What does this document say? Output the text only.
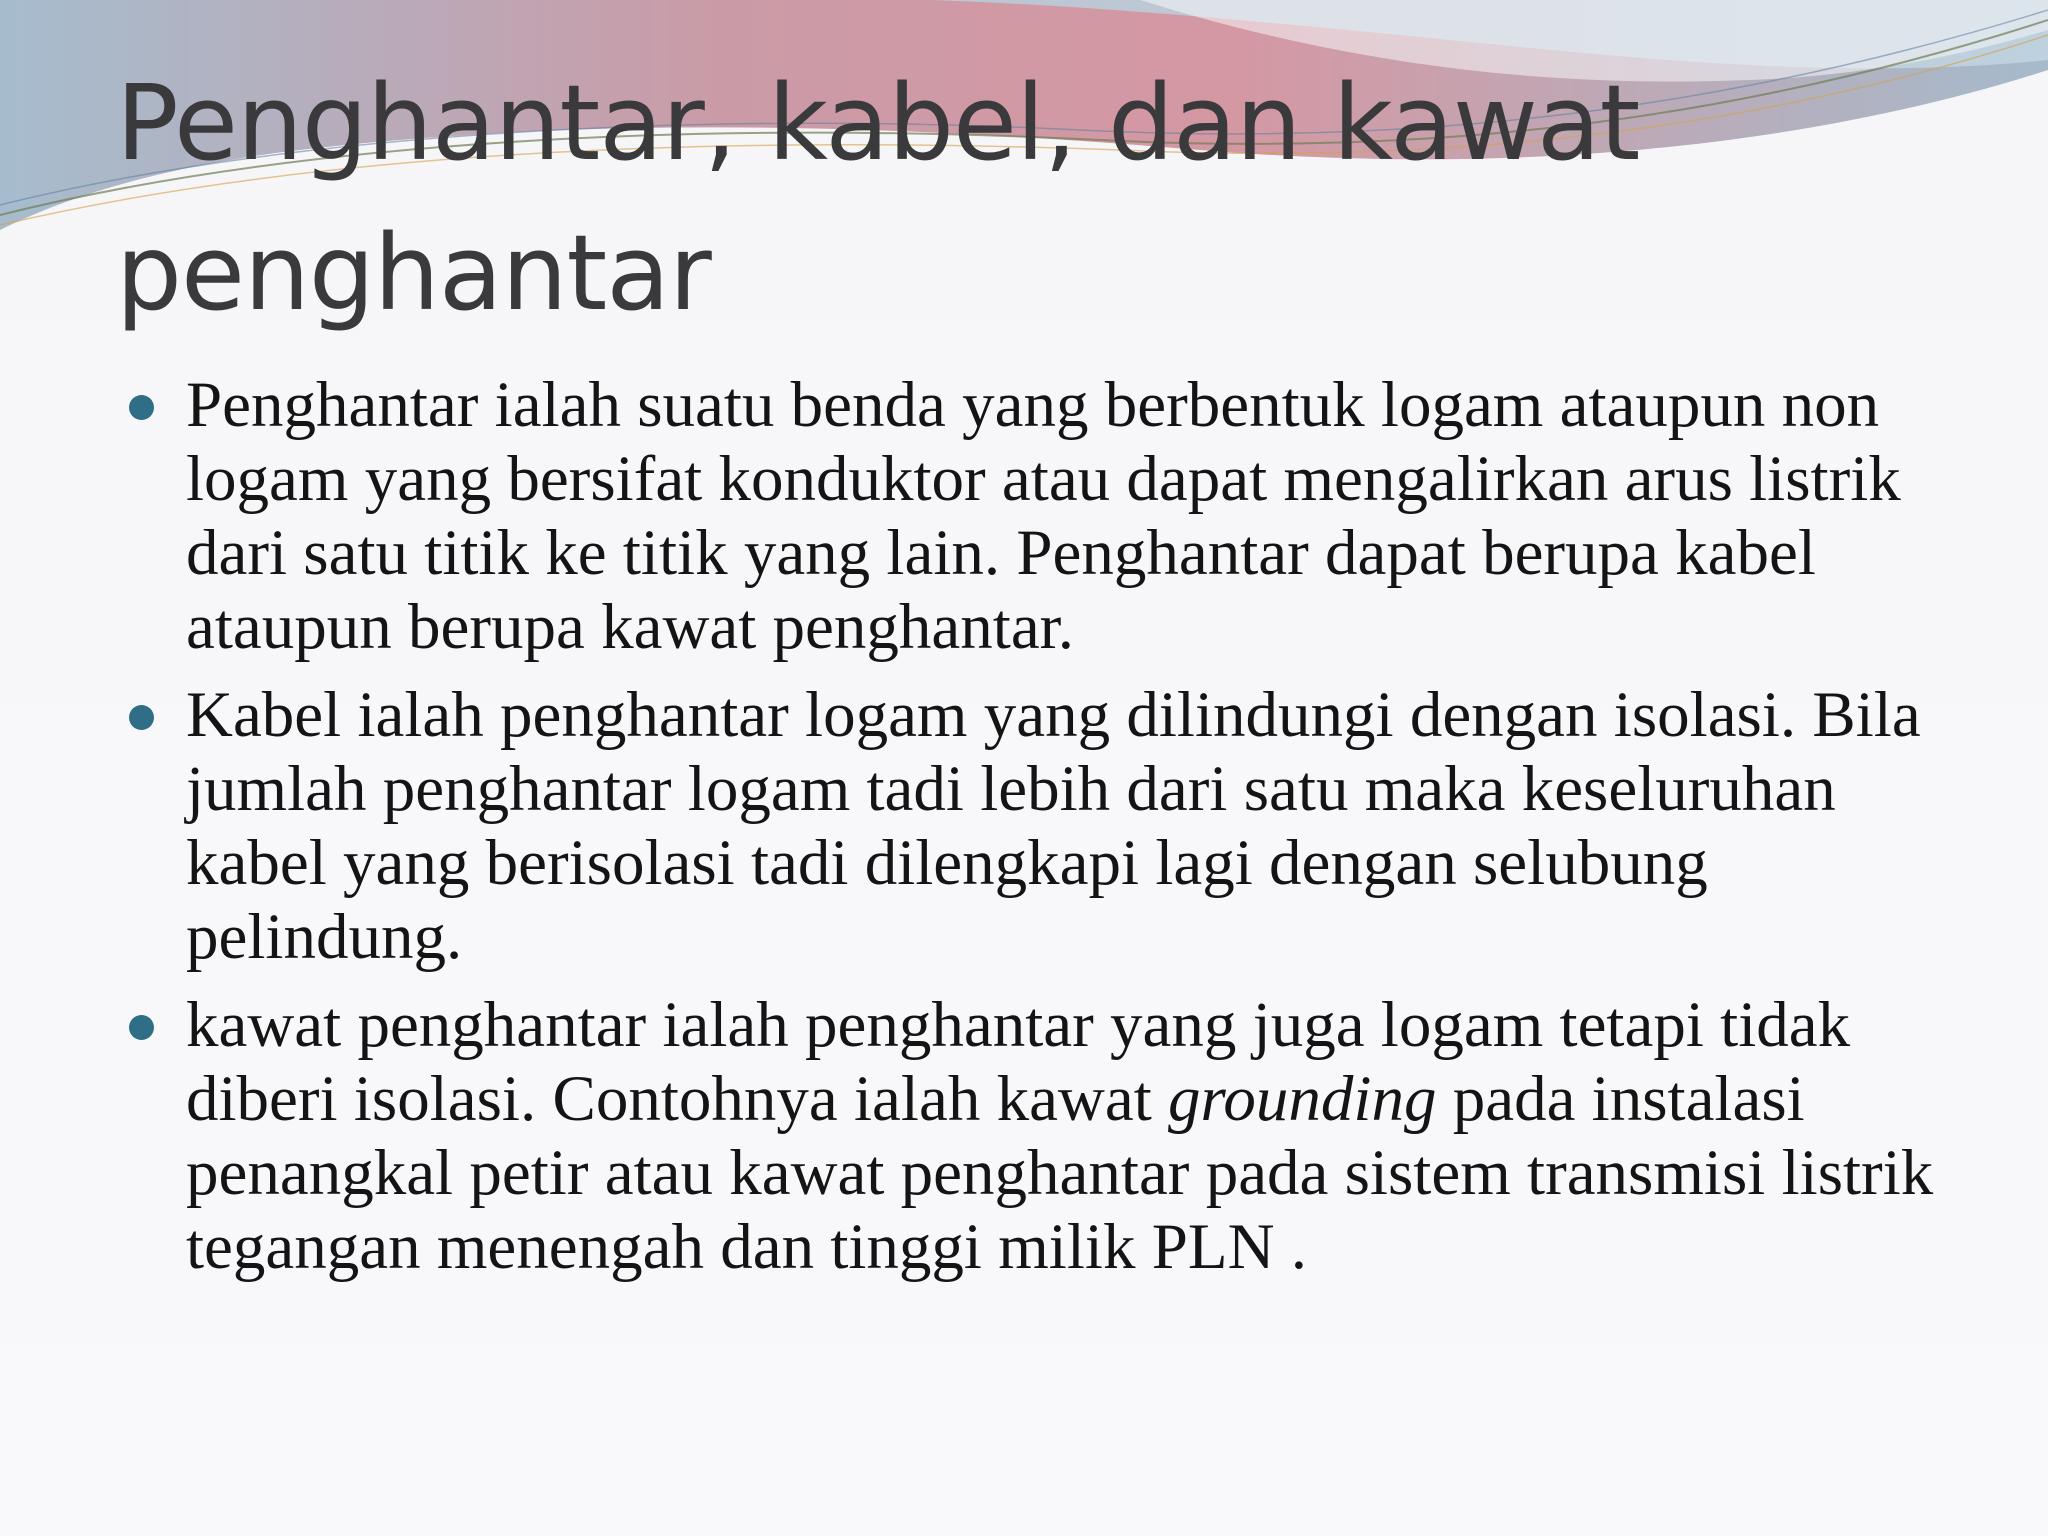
Penghantar, kabel, dan kawat penghantar
Penghantar ialah suatu benda yang berbentuk logam ataupun non logam yang bersifat konduktor atau dapat mengalirkan arus listrik dari satu titik ke titik yang lain. Penghantar dapat berupa kabel ataupun berupa kawat penghantar.
Kabel ialah penghantar logam yang dilindungi dengan isolasi. Bila jumlah penghantar logam tadi lebih dari satu maka keseluruhan kabel yang berisolasi tadi dilengkapi lagi dengan selubung pelindung.
kawat penghantar ialah penghantar yang juga logam tetapi tidak diberi isolasi. Contohnya ialah kawat grounding pada instalasi penangkal petir atau kawat penghantar pada sistem transmisi listrik tegangan menengah dan tinggi milik PLN .
